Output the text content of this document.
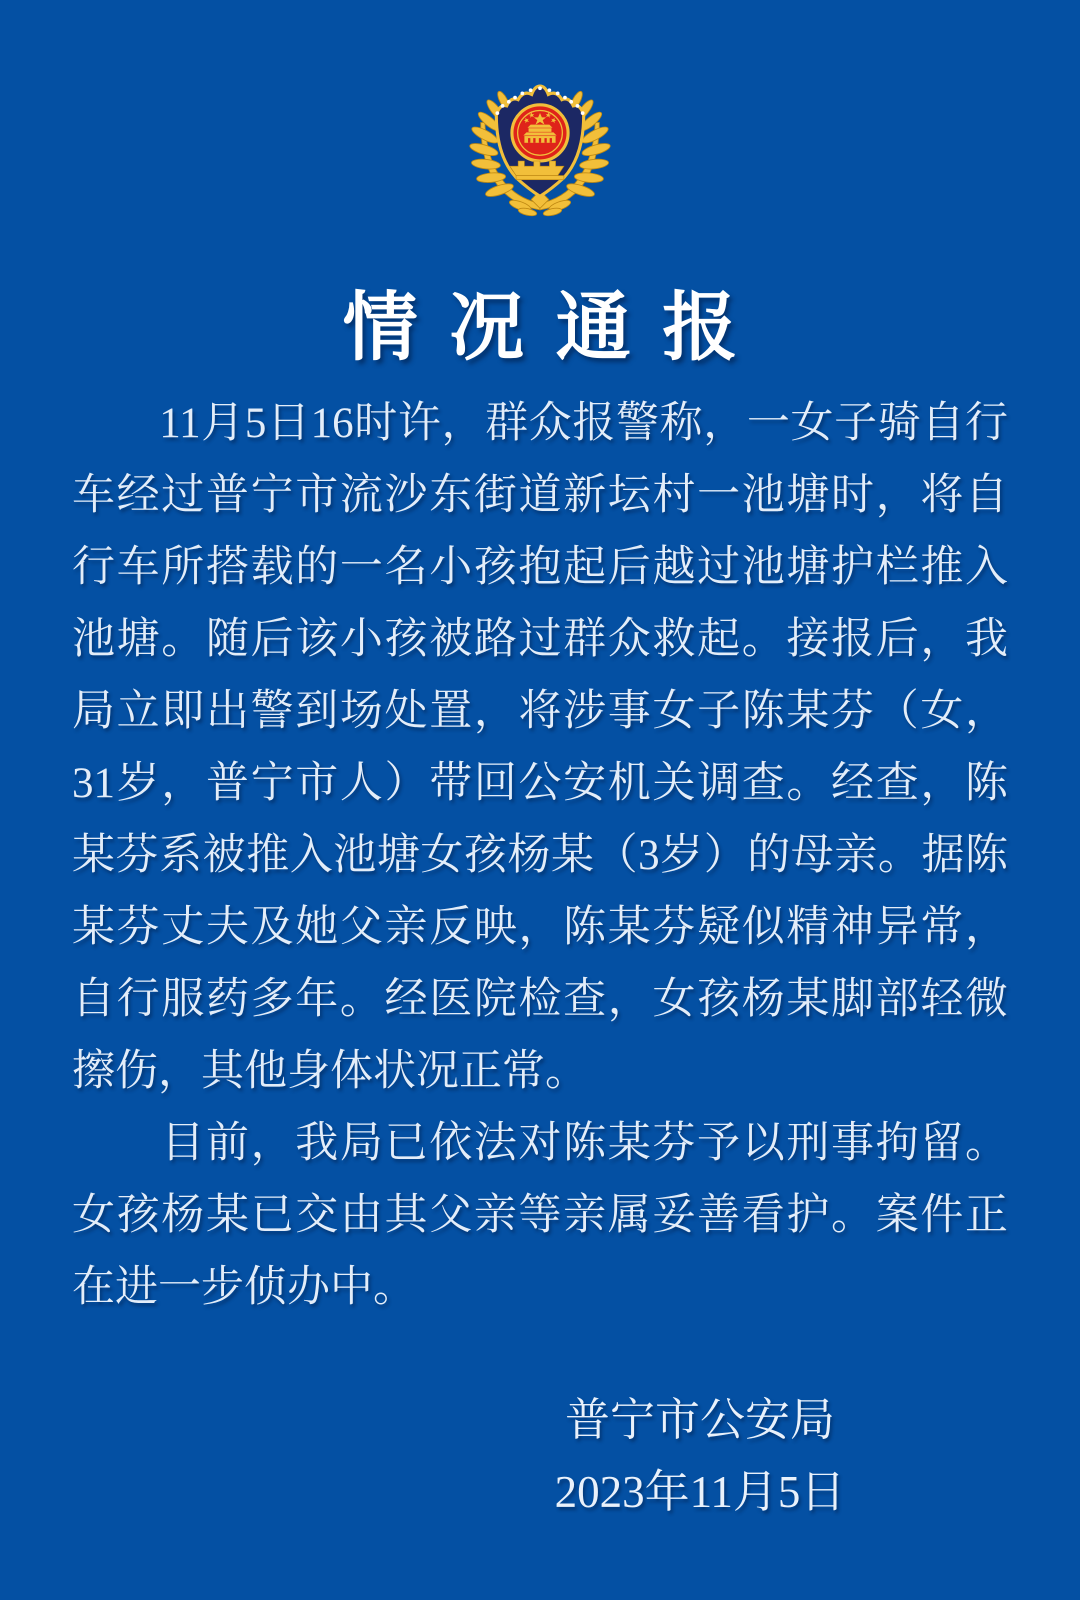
情况通报
　　11月5日16时许，群众报警称，一女子骑自行
车经过普宁市流沙东街道新坛村一池塘时，将自
行车所搭载的一名小孩抱起后越过池塘护栏推入
池塘。随后该小孩被路过群众救起。接报后，我
局立即出警到场处置，将涉事女子陈某芬（女，
31岁，普宁市人）带回公安机关调查。经查，陈
某芬系被推入池塘女孩杨某（3岁）的母亲。据陈
某芬丈夫及她父亲反映，陈某芬疑似精神异常，
自行服药多年。经医院检查，女孩杨某脚部轻微
擦伤，其他身体状况正常。
　　目前，我局已依法对陈某芬予以刑事拘留。
女孩杨某已交由其父亲等亲属妥善看护。案件正
在进一步侦办中。
普宁市公安局
2023年11月5日
